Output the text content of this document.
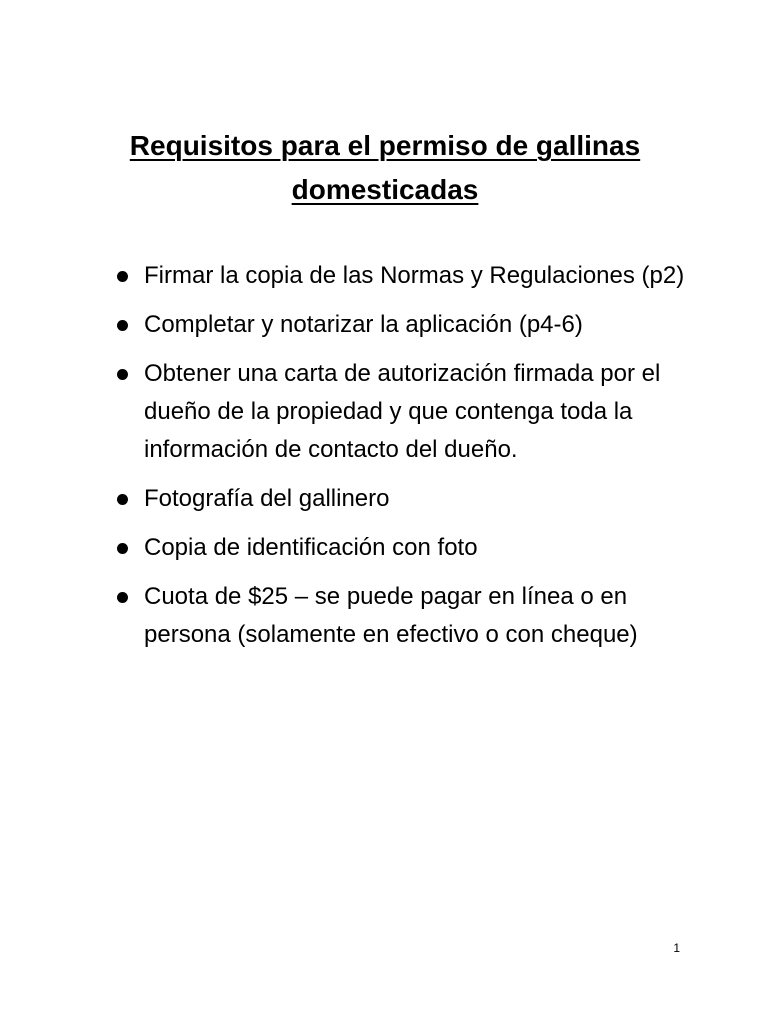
Requisitos para el permiso de gallinas domesticadas
Firmar la copia de las Normas y Regulaciones (p2)
Completar y notarizar la aplicación (p4-6)
Obtener una carta de autorización firmada por el dueño de la propiedad y que contenga toda la información de contacto del dueño.
Fotografía del gallinero
Copia de identificación con foto
Cuota de $25 – se puede pagar en línea o en persona (solamente en efectivo o con cheque)
1
